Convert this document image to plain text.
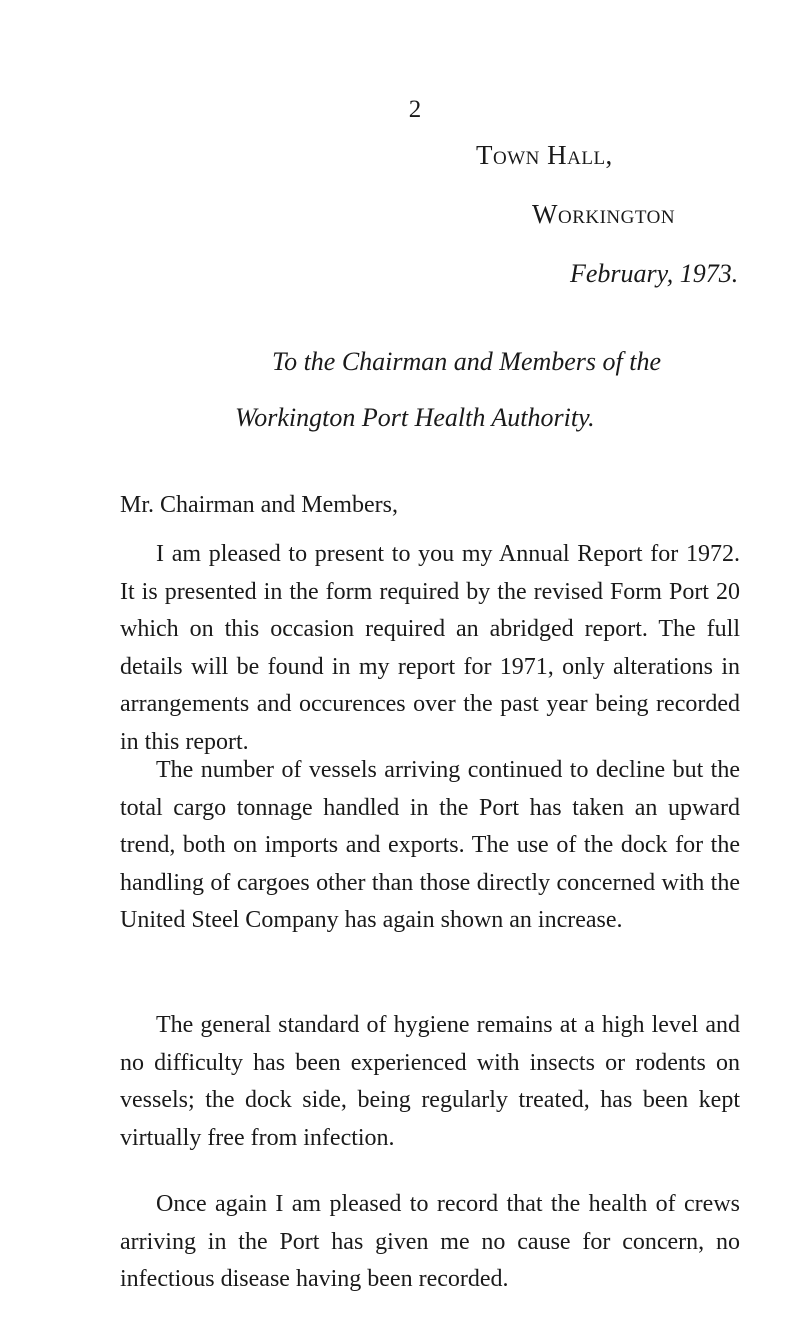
2
Town Hall,
Workington
February, 1973.
To the Chairman and Members of the
Workington Port Health Authority.
Mr. Chairman and Members,

I am pleased to present to you my Annual Report for 1972. It is presented in the form required by the revised Form Port 20 which on this occasion required an abridged report. The full details will be found in my report for 1971, only alterations in arrangements and occurences over the past year being recorded in this report.

The number of vessels arriving continued to decline but the total cargo tonnage handled in the Port has taken an upward trend, both on imports and exports. The use of the dock for the handling of cargoes other than those directly concerned with the United Steel Company has again shown an increase.

The general standard of hygiene remains at a high level and no difficulty has been experienced with insects or rodents on vessels; the dock side, being regularly treated, has been kept virtually free from infection.

Once again I am pleased to record that the health of crews arriving in the Port has given me no cause for concern, no infectious disease having been recorded.
